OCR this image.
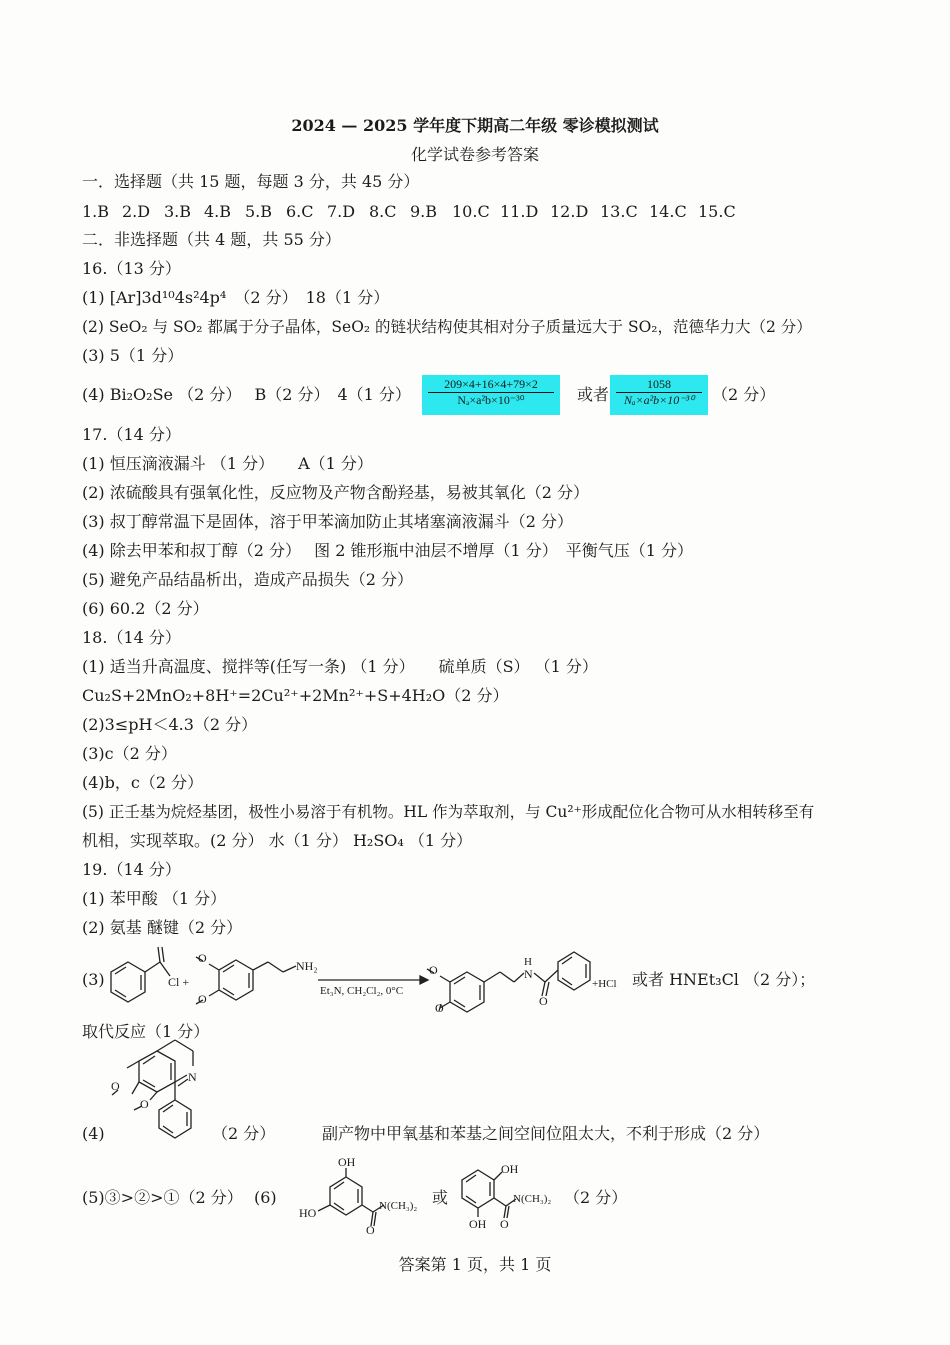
2024 — 2025 学年度下期高二年级 零诊模拟测试
化学试卷参考答案
一．选择题（共 15 题，每题 3 分，共 45 分）
1.B 2.D 3.B 4.B 5.B 6.C 7.D 8.C 9.B 10.C 11.D 12.D 13.C 14.C 15.C
二．非选择题（共 4 题，共 55 分）
16.（13 分）
(1) [Ar]3d¹⁰4s²4p⁴　（2 分）　18（1 分）
(2) SeO₂ 与 SO₂ 都属于分子晶体，SeO₂ 的链状结构使其相对分子质量远大于 SO₂，范德华力大（2 分）
(3) 5（1 分）
(4) Bi₂O₂Se （2 分）　 B（2 分）　4（1 分） $\frac{209\times 4+16\times 4+79\times 2}{\text{Nₐ×a²b×10⁻³⁰}}$ 或者 $\frac{1058}{\text{Nₐ×a²b×10⁻³⁰}} (2$ 分）
17.（14 分）
(1) 恒压滴液漏斗 （1 分）　　A（1 分）
(2) 浓硫酸具有强氧化性，反应物及产物含酚羟基，易被其氧化（2 分）
(3) 叔丁醇常温下是固体，溶于甲苯滴加防止其堵塞滴液漏斗（2 分）
(4) 除去甲苯和叔丁醇（2 分）　 图 2 锥形瓶中油层不增厚（1 分）　平衡气压（1 分）
(5) 避免产品结晶析出，造成产品损失（2 分）
(6) 60.2（2 分）
18.（14 分）
(1) 适当升高温度、搅拌等(任写一条) （1 分）　　硫单质（S） （1 分）
Cu₂S+2MnO₂+8H⁺=2Cu²⁺+2Mn²⁺+S+4H₂O（2 分）
(2)3≤pH＜4.3（2 分）
(3)c（2 分）
(4)b，c（2 分）
(5) 正壬基为烷烃基团，极性小易溶于有机物。HL 作为萃取剂，与 Cu²⁺形成配位化合物可从水相转移至有
机相，实现萃取。(2 分） 水（1 分） H₂SO₄ （1 分）
19.（14 分）
(1) 苯甲酸 （1 分）
(2) 氨基 醚键（2 分）
(3)	Cl +
O
O
NH₂
Et₃N, CH₂Cl₂, 0°C
O
O
H
N
O
+HCl
N
O
O
OH
HO
O
N(CH₃)₂
OH
OH O
N(CH₃)₂
或者 HNEt₃Cl （2 分）；
取代反应（1 分）
(4)	（2 分）	副产物中甲氧基和苯基之间空间位阻太大，不利于形成（2 分）
(5)③>②>①（2 分） (6)	或	（2 分）
答案第 1 页，共 1 页
